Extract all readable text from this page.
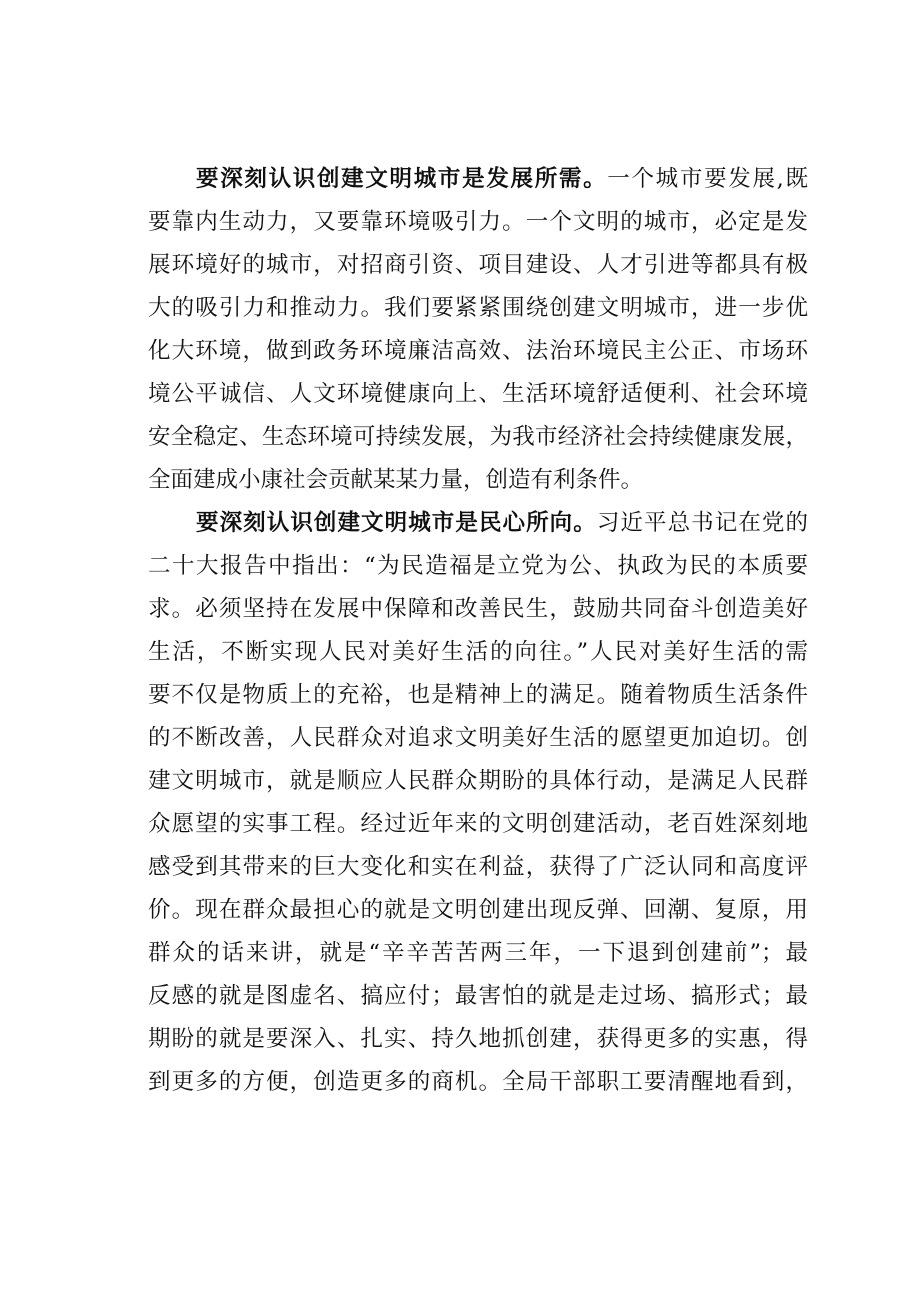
要深刻认识创建文明城市是发展所需。一个城市要发展,既
要靠内生动力，又要靠环境吸引力。一个文明的城市，必定是发
展环境好的城市，对招商引资、项目建设、人才引进等都具有极
大的吸引力和推动力。我们要紧紧围绕创建文明城市，进一步优
化大环境，做到政务环境廉洁高效、法治环境民主公正、市场环
境公平诚信、人文环境健康向上、生活环境舒适便利、社会环境
安全稳定、生态环境可持续发展，为我市经济社会持续健康发展，
全面建成小康社会贡献某某力量，创造有利条件。
要深刻认识创建文明城市是民心所向。习近平总书记在党的
二十大报告中指出：“为民造福是立党为公、执政为民的本质要
求。必须坚持在发展中保障和改善民生，鼓励共同奋斗创造美好
生活，不断实现人民对美好生活的向往。”人民对美好生活的需
要不仅是物质上的充裕，也是精神上的满足。随着物质生活条件
的不断改善，人民群众对追求文明美好生活的愿望更加迫切。创
建文明城市，就是顺应人民群众期盼的具体行动，是满足人民群
众愿望的实事工程。经过近年来的文明创建活动，老百姓深刻地
感受到其带来的巨大变化和实在利益，获得了广泛认同和高度评
价。现在群众最担心的就是文明创建出现反弹、回潮、复原，用
群众的话来讲，就是“辛辛苦苦两三年，一下退到创建前”；最
反感的就是图虚名、搞应付；最害怕的就是走过场、搞形式；最
期盼的就是要深入、扎实、持久地抓创建，获得更多的实惠，得
到更多的方便，创造更多的商机。全局干部职工要清醒地看到，
